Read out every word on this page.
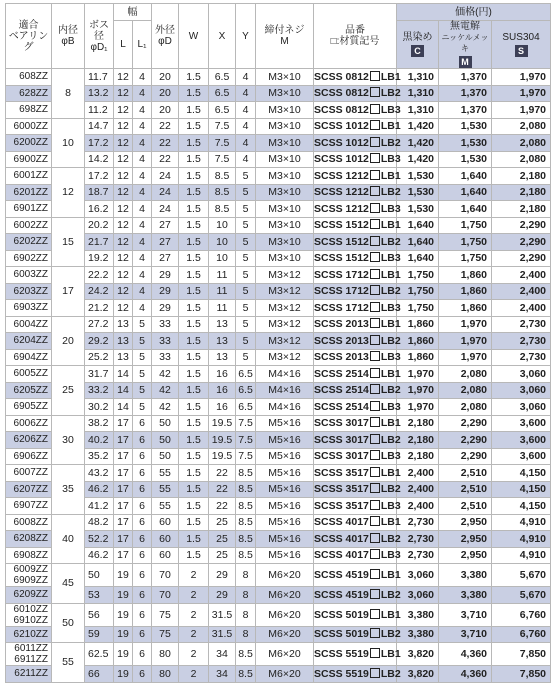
適合
ベアリング	内径
φB	ボス
径
φD₁	幅		外径
φD	W	X	Y	締付ネジ
M	品番
□:材質記号	価格(円)		
			L	L₁							黒染め
C	無電解
ニッケルメッキ
M	SUS304
S

608ZZ	8	11.7	12	4	20	1.5	6.5	4	M3×10	SCSS 0812 LB1	1,310	1,370	1,970

628ZZ		13.2	12	4	20	1.5	6.5	4	M3×10	SCSS 0812 LB2	1,310	1,370	1,970

698ZZ		11.2	12	4	20	1.5	6.5	4	M3×10	SCSS 0812 LB3	1,310	1,370	1,970

6000ZZ	10	14.7	12	4	22	1.5	7.5	4	M3×10	SCSS 1012 LB1	1,420	1,530	2,080

6200ZZ		17.2	12	4	22	1.5	7.5	4	M3×10	SCSS 1012 LB2	1,420	1,530	2,080

6900ZZ		14.2	12	4	22	1.5	7.5	4	M3×10	SCSS 1012 LB3	1,420	1,530	2,080

6001ZZ	12	17.2	12	4	24	1.5	8.5	5	M3×10	SCSS 1212 LB1	1,530	1,640	2,180

6201ZZ		18.7	12	4	24	1.5	8.5	5	M3×10	SCSS 1212 LB2	1,530	1,640	2,180

6901ZZ		16.2	12	4	24	1.5	8.5	5	M3×10	SCSS 1212 LB3	1,530	1,640	2,180

6002ZZ	15	20.2	12	4	27	1.5	10	5	M3×10	SCSS 1512 LB1	1,640	1,750	2,290

6202ZZ		21.7	12	4	27	1.5	10	5	M3×10	SCSS 1512 LB2	1,640	1,750	2,290

6902ZZ		19.2	12	4	27	1.5	10	5	M3×10	SCSS 1512 LB3	1,640	1,750	2,290

6003ZZ	17	22.2	12	4	29	1.5	11	5	M3×12	SCSS 1712 LB1	1,750	1,860	2,400

6203ZZ		24.2	12	4	29	1.5	11	5	M3×12	SCSS 1712 LB2	1,750	1,860	2,400

6903ZZ		21.2	12	4	29	1.5	11	5	M3×12	SCSS 1712 LB3	1,750	1,860	2,400

6004ZZ	20	27.2	13	5	33	1.5	13	5	M3×12	SCSS 2013 LB1	1,860	1,970	2,730

6204ZZ		29.2	13	5	33	1.5	13	5	M3×12	SCSS 2013 LB2	1,860	1,970	2,730

6904ZZ		25.2	13	5	33	1.5	13	5	M3×12	SCSS 2013 LB3	1,860	1,970	2,730

6005ZZ	25	31.7	14	5	42	1.5	16	6.5	M4×16	SCSS 2514 LB1	1,970	2,080	3,060

6205ZZ		33.2	14	5	42	1.5	16	6.5	M4×16	SCSS 2514 LB2	1,970	2,080	3,060

6905ZZ		30.2	14	5	42	1.5	16	6.5	M4×16	SCSS 2514 LB3	1,970	2,080	3,060

6006ZZ	30	38.2	17	6	50	1.5	19.5	7.5	M5×16	SCSS 3017 LB1	2,180	2,290	3,600

6206ZZ		40.2	17	6	50	1.5	19.5	7.5	M5×16	SCSS 3017 LB2	2,180	2,290	3,600

6906ZZ		35.2	17	6	50	1.5	19.5	7.5	M5×16	SCSS 3017 LB3	2,180	2,290	3,600

6007ZZ	35	43.2	17	6	55	1.5	22	8.5	M5×16	SCSS 3517 LB1	2,400	2,510	4,150

6207ZZ		46.2	17	6	55	1.5	22	8.5	M5×16	SCSS 3517 LB2	2,400	2,510	4,150

6907ZZ		41.2	17	6	55	1.5	22	8.5	M5×16	SCSS 3517 LB3	2,400	2,510	4,150

6008ZZ	40	48.2	17	6	60	1.5	25	8.5	M5×16	SCSS 4017 LB1	2,730	2,950	4,910

6208ZZ		52.2	17	6	60	1.5	25	8.5	M5×16	SCSS 4017 LB2	2,730	2,950	4,910

6908ZZ		46.2	17	6	60	1.5	25	8.5	M5×16	SCSS 4017 LB3	2,730	2,950	4,910

6009ZZ
6909ZZ	45	50	19	6	70	2	29	8	M6×20	SCSS 4519 LB1	3,060	3,380	5,670

6209ZZ		53	19	6	70	2	29	8	M6×20	SCSS 4519 LB2	3,060	3,380	5,670

6010ZZ
6910ZZ	50	56	19	6	75	2	31.5	8	M6×20	SCSS 5019 LB1	3,380	3,710	6,760

6210ZZ		59	19	6	75	2	31.5	8	M6×20	SCSS 5019 LB2	3,380	3,710	6,760

6011ZZ
6911ZZ	55	62.5	19	6	80	2	34	8.5	M6×20	SCSS 5519 LB1	3,820	4,360	7,850

6211ZZ		66	19	6	80	2	34	8.5	M6×20	SCSS 5519 LB2	3,820	4,360	7,850
